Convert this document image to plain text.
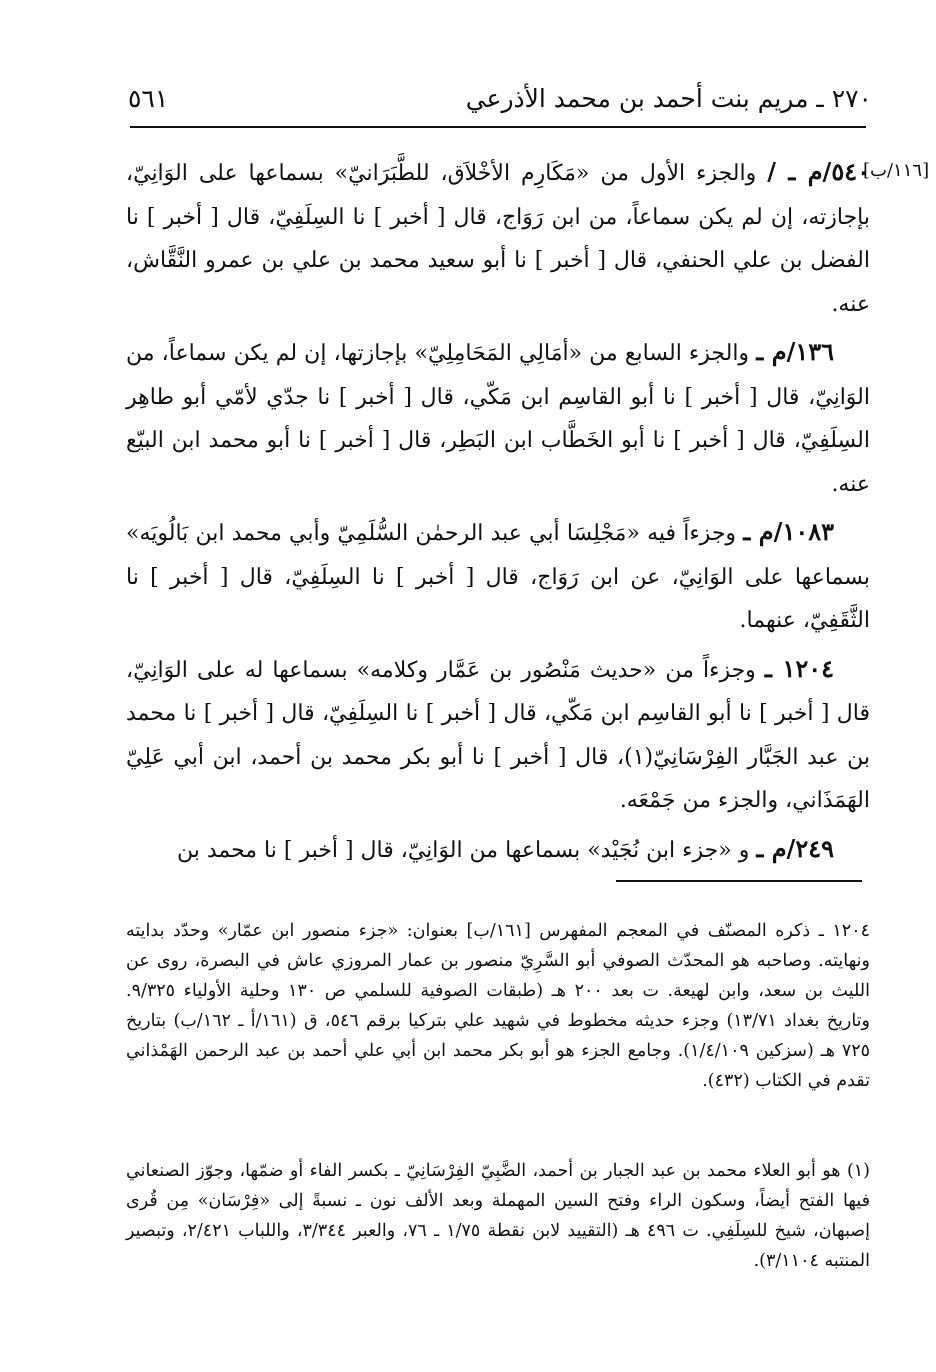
٢٧٠ ـ مريم بنت أحمد بن محمد الأذرعي
٥٦١
[١١٦/ب]

٥٤٠/م ـ / والجزء الأول من «مَكَارِم الأخْلاَق، للطَّبَرَانيّ» بسماعها على الوَانِيّ، بإجازته، إن لم يكن سماعاً، من ابن رَوَاج، قال [ أخبر ] نا السِلَفِيّ، قال [ أخبر ] نا الفضل بن علي الحنفي، قال [ أخبر ] نا أبو سعيد محمد بن علي بن عمرو النَّقَّاش، عنه.

١٣٦/م ـ والجزء السابع من «أمَالِي المَحَامِلِيّ» بإجازتها، إن لم يكن سماعاً، من الوَانِيّ، قال [ أخبر ] نا أبو القاسِم ابن مَكّي، قال [ أخبر ] نا جدّي لأمّي أبو طاهِر السِلَفِيّ، قال [ أخبر ] نا أبو الخَطَّاب ابن البَطِر، قال [ أخبر ] نا أبو محمد ابن البيّع عنه.

١٠٨٣/م ـ وجزءاً فيه «مَجْلِسَا أبي عبد الرحمٰن السُّلَمِيّ وأبي محمد ابن بَالُويَه» بسماعها على الوَانِيّ، عن ابن رَوَاج، قال [ أخبر ] نا السِلَفِيّ، قال [ أخبر ] نا الثَّقَفِيّ، عنهما.

١٢٠٤ ـ وجزءاً من «حديث مَنْصُور بن عَمَّار وكلامه» بسماعها له على الوَانِيّ، قال [ أخبر ] نا أبو القاسِم ابن مَكّي، قال [ أخبر ] نا السِلَفِيّ، قال [ أخبر ] نا محمد بن عبد الجَبَّار الفِرْسَانِيّ(١)، قال [ أخبر ] نا أبو بكر محمد بن أحمد، ابن أبي عَلِيّ الهَمَذَاني، والجزء من جَمْعَه.

٢٤٩/م ـ و «جزء ابن نُجَيْد» بسماعها من الوَانِيّ، قال [ أخبر ] نا محمد بن

١٢٠٤ ـ ذكره المصنّف في المعجم المفهرس [١٦١/ب] بعنوان: «جزء منصور ابن عمّار» وحدّد بدايته ونهايته. وصاحبه هو المحدّث الصوفي أبو السَّرِيّ منصور بن عمار المروزي عاش في البصرة، روى عن الليث بن سعد، وابن لهيعة. ت بعد ٢٠٠ هـ (طبقات الصوفية للسلمي ص ١٣٠ وحلية الأولياء ٩/٣٢٥. وتاريخ بغداد ١٣/٧١) وجزء حديثه مخطوط في شهيد علي بتركيا برقم ٥٤٦، ق (١٦١/أ ـ ١٦٢/ب) بتاريخ ٧٢٥ هـ (سزكين ١/٤/١٠٩). وجامع الجزء هو أبو بكر محمد ابن أبي علي أحمد بن عبد الرحمن الهَمْذاني تقدم في الكتاب (٤٣٢).
(١) هو أبو العلاء محمد بن عبد الجبار بن أحمد، الضَّبِيّ الفِرْسَانِيّ ـ بكسر الفاء أو ضمّها، وجوّز الصنعاني فيها الفتح أيضاً، وسكون الراء وفتح السين المهملة وبعد الألف نون ـ نسبةً إلى «فِرْسَان» مِن قُرى إصبهان، شيخ للسِلَفِي. ت ٤٩٦ هـ (التقييد لابن نقطة ١/٧٥ ـ ٧٦، والعبر ٣/٣٤٤، واللباب ٢/٤٢١، وتبصير المنتبه ٣/١١٠٤).
